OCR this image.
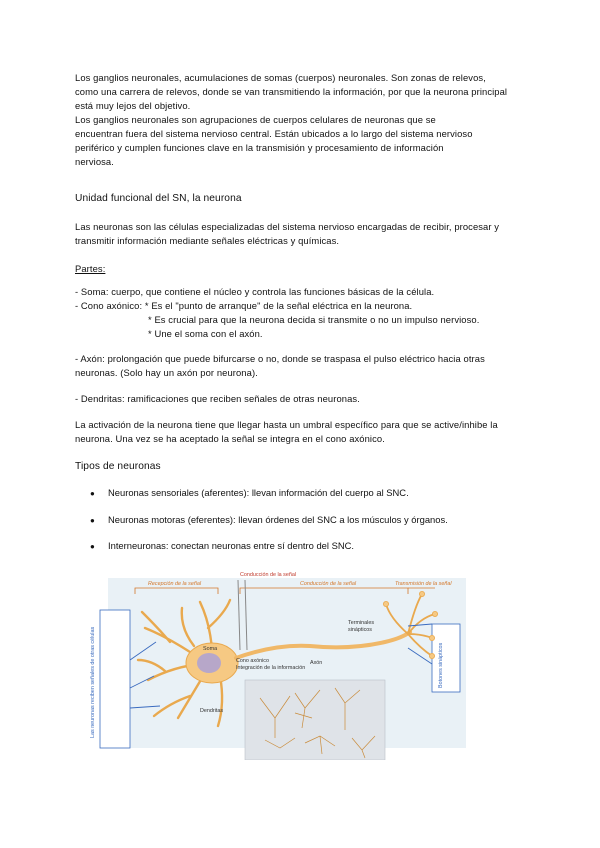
Los ganglios neuronales, acumulaciones de somas (cuerpos) neuronales. Son zonas de relevos,

como una carrera de relevos, donde se van transmitiendo la información, por que la neurona principal

está muy lejos del objetivo.

Los ganglios neuronales son agrupaciones de cuerpos celulares de neuronas que se

encuentran fuera del sistema nervioso central. Están ubicados a lo largo del sistema nervioso

periférico y cumplen funciones clave en la transmisión y procesamiento de información

nerviosa.

Unidad funcional del SN, la neurona

Las neuronas son las células especializadas del sistema nervioso encargadas de recibir, procesar y

transmitir información mediante señales eléctricas y químicas.

Partes:

- Soma: cuerpo, que contiene el núcleo y controla las funciones básicas de la célula.

- Cono axónico: * Es el "punto de arranque" de la señal eléctrica en la neurona.

* Es crucial para que la neurona decida si transmite o no un impulso nervioso.

* Une el soma con el axón.

- Axón: prolongación que puede bifurcarse o no, donde se traspasa el pulso eléctrico hacia otras

neuronas. (Solo hay un axón por neurona).

- Dendritas: ramificaciones que reciben señales de otras neuronas.

La activación de la neurona tiene que llegar hasta un umbral específico para que se active/inhibe la

neurona. Una vez se ha aceptado la señal se integra en el cono axónico.

Tipos de neuronas

● Neuronas sensoriales (aferentes): llevan información del cuerpo al SNC.
● Neuronas motoras (eferentes): llevan órdenes del SNC a los músculos y órganos.
● Interneuronas: conectan neuronas entre sí dentro del SNC.
Recepción de la señal
Conducción de la señal
Conducción de la señal	Transmisión de la señal
Soma
Cono axónico
Integración de la información
Axón
Terminales
sinápticos
Dendritas
Las neuronas reciben señales de otras células	Botones sinápticos
